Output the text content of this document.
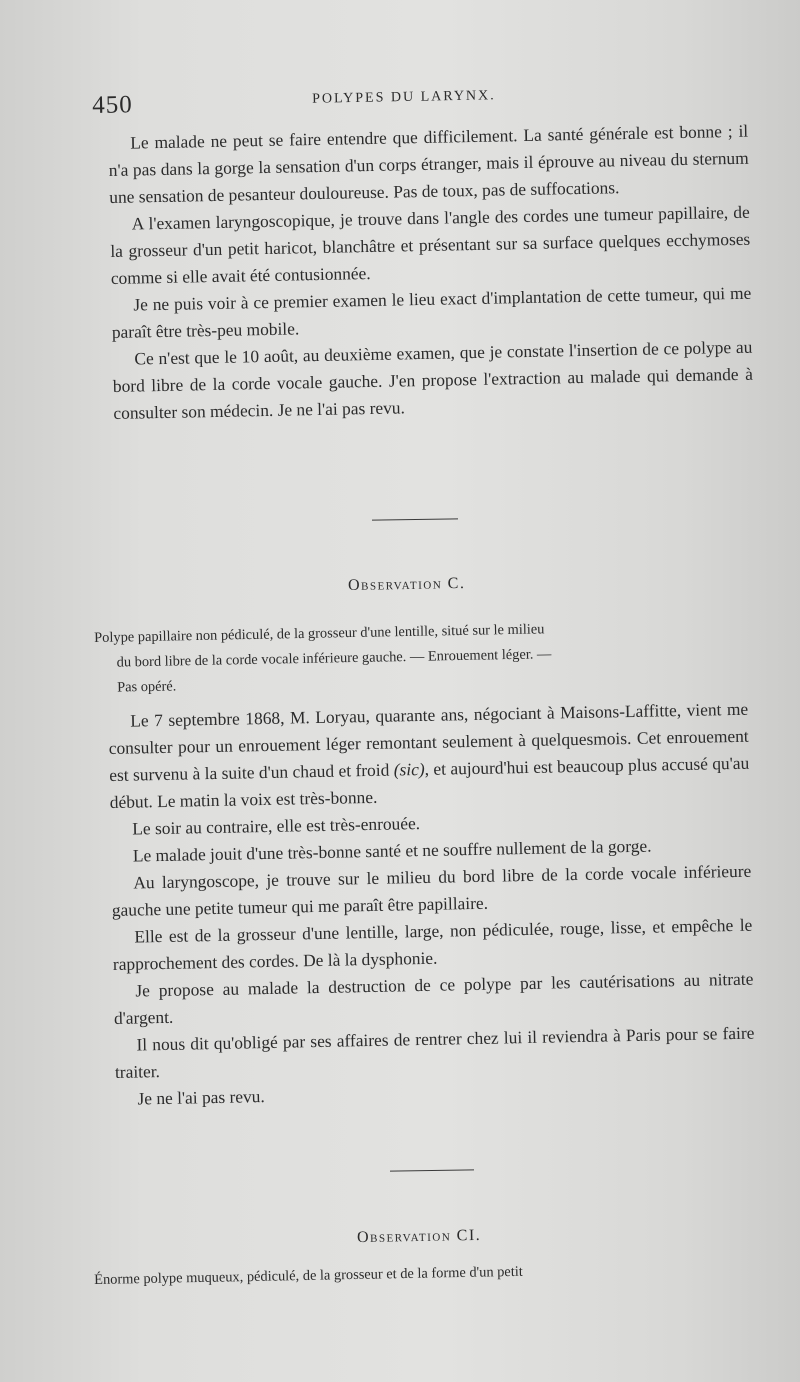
450	POLYPES DU LARYNX.

Le malade ne peut se faire entendre que difficilement. La santé générale est bonne ; il n'a pas dans la gorge la sensation d'un corps étranger, mais il éprouve au niveau du sternum une sensation de pesanteur douloureuse. Pas de toux, pas de suffocations.

A l'examen laryngoscopique, je trouve dans l'angle des cordes une tumeur papillaire, de la grosseur d'un petit haricot, blanchâtre et présentant sur sa surface quelques ecchymoses comme si elle avait été contusionnée.

Je ne puis voir à ce premier examen le lieu exact d'implantation de cette tumeur, qui me paraît être très-peu mobile.

Ce n'est que le 10 août, au deuxième examen, que je constate l'insertion de ce polype au bord libre de la corde vocale gauche. J'en propose l'extraction au malade qui demande à consulter son médecin. Je ne l'ai pas revu.

Observation C.
Polype papillaire non pédiculé, de la grosseur d'une lentille, situé sur le milieu
du bord libre de la corde vocale inférieure gauche. — Enrouement léger. —
Pas opéré.

Le 7 septembre 1868, M. Loryau, quarante ans, négociant à Maisons-Laffitte, vient me consulter pour un enrouement léger remontant seulement à quelquesmois. Cet enrouement est survenu à la suite d'un chaud et froid (sic), et aujourd'hui est beaucoup plus accusé qu'au début. Le matin la voix est très-bonne.

Le soir au contraire, elle est très-enrouée.

Le malade jouit d'une très-bonne santé et ne souffre nullement de la gorge.

Au laryngoscope, je trouve sur le milieu du bord libre de la corde vocale inférieure gauche une petite tumeur qui me paraît être papillaire.

Elle est de la grosseur d'une lentille, large, non pédiculée, rouge, lisse, et empêche le rapprochement des cordes. De là la dysphonie.

Je propose au malade la destruction de ce polype par les cautérisations au nitrate d'argent.

Il nous dit qu'obligé par ses affaires de rentrer chez lui il reviendra à Paris pour se faire traiter.

Je ne l'ai pas revu.

Observation CI.
Énorme polype muqueux, pédiculé, de la grosseur et de la forme d'un petit
